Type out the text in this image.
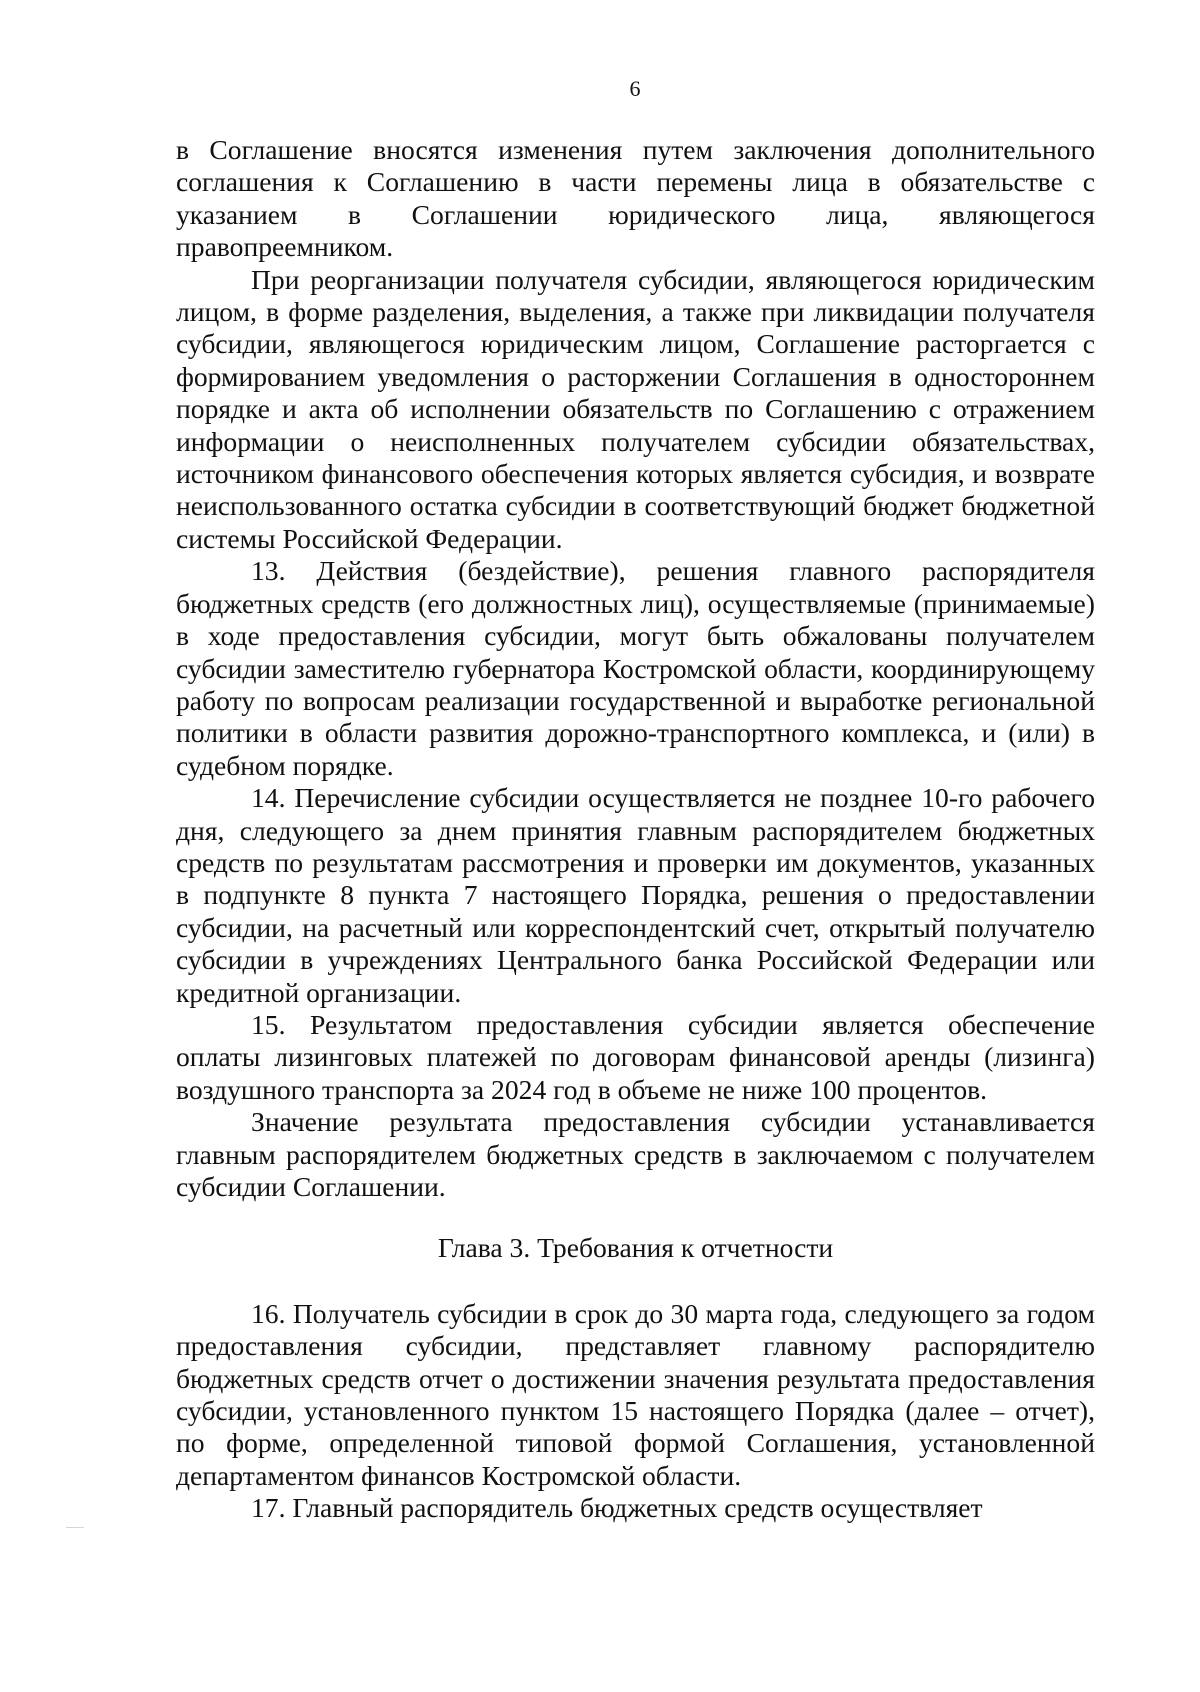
6

в Соглашение вносятся изменения путем заключения дополнительного соглашения к Соглашению в части перемены лица в обязательстве с указанием в Соглашении юридического лица, являющегося правопреемником.

При реорганизации получателя субсидии, являющегося юридическим лицом, в форме разделения, выделения, а также при ликвидации получателя субсидии, являющегося юридическим лицом, Соглашение расторгается с формированием уведомления о расторжении Соглашения в одностороннем порядке и акта об исполнении обязательств по Соглашению с отражением информации о неисполненных получателем субсидии обязательствах, источником финансового обеспечения которых является субсидия, и возврате неиспользованного остатка субсидии в соответствующий бюджет бюджетной системы Российской Федерации.

13. Действия (бездействие), решения главного распорядителя бюджетных средств (его должностных лиц), осуществляемые (принимаемые) в ходе предоставления субсидии, могут быть обжалованы получателем субсидии заместителю губернатора Костромской области, координирующему работу по вопросам реализации государственной и выработке региональной политики в области развития дорожно-транспортного комплекса, и (или) в судебном порядке.

14. Перечисление субсидии осуществляется не позднее 10-го рабочего дня, следующего за днем принятия главным распорядителем бюджетных средств по результатам рассмотрения и проверки им документов, указанных в подпункте 8 пункта 7 настоящего Порядка, решения о предоставлении субсидии, на расчетный или корреспондентский счет, открытый получателю субсидии в учреждениях Центрального банка Российской Федерации или кредитной организации.

15. Результатом предоставления субсидии является обеспечение оплаты лизинговых платежей по договорам финансовой аренды (лизинга) воздушного транспорта за 2024 год в объеме не ниже 100 процентов.

Значение результата предоставления субсидии устанавливается главным распорядителем бюджетных средств в заключаемом с получателем субсидии Соглашении.

Глава 3. Требования к отчетности

16. Получатель субсидии в срок до 30 марта года, следующего за годом предоставления субсидии, представляет главному распорядителю бюджетных средств отчет о достижении значения результата предоставления субсидии, установленного пунктом 15 настоящего Порядка (далее – отчет), по форме, определенной типовой формой Соглашения, установленной департаментом финансов Костромской области.

17. Главный распорядитель бюджетных средств осуществляет
